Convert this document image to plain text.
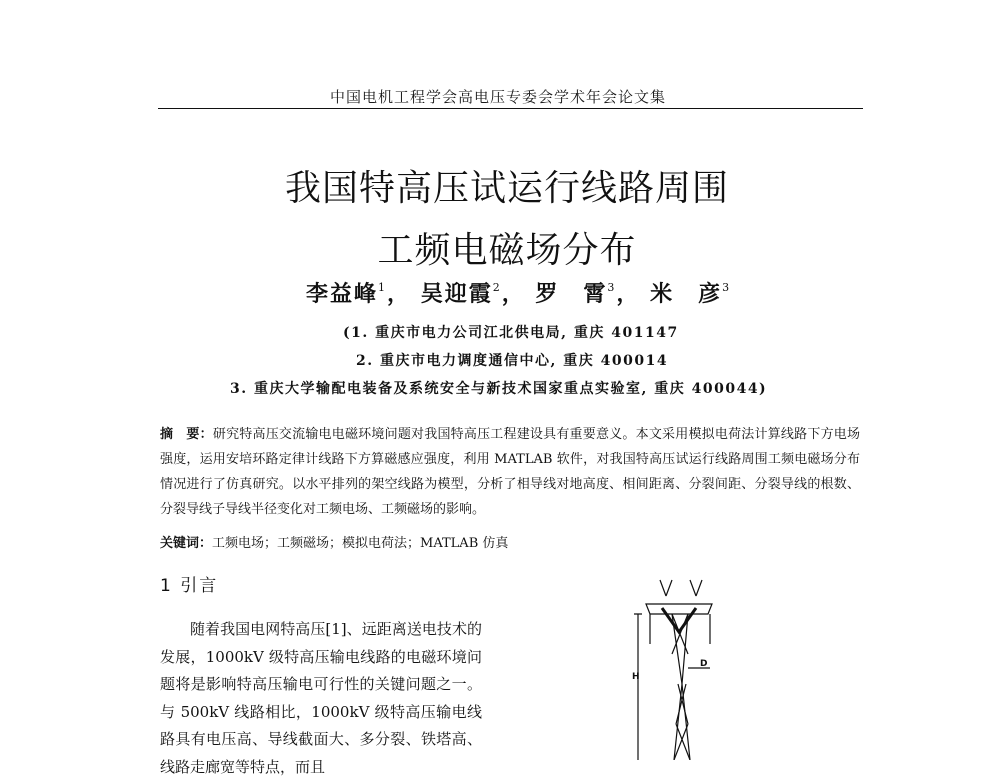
中国电机工程学会高电压专委会学术年会论文集
我国特高压试运行线路周围
工频电磁场分布
李益峰$^1$， 吴迎霞$^2$， 罗　霄$^3$， 米　彦$^3$
(1. 重庆市电力公司江北供电局, 重庆 401147
2. 重庆市电力调度通信中心, 重庆 400014
3. 重庆大学输配电装备及系统安全与新技术国家重点实验室, 重庆 400044)
摘　要：研究特高压交流输电电磁环境问题对我国特高压工程建设具有重要意义。本文采用模拟电荷法计算线路下方电场强度，运用安培环路定律计线路下方算磁感应强度，利用 MATLAB 软件，对我国特高压试运行线路周围工频电磁场分布情况进行了仿真研究。以水平排列的架空线路为模型，分析了相导线对地高度、相间距离、分裂间距、分裂导线的根数、分裂导线子导线半径变化对工频电场、工频磁场的影响。
关键词：工频电场；工频磁场；模拟电荷法；MATLAB 仿真
1 引言
随着我国电网特高压[1]、远距离送电技术的发展，1000kV 级特高压输电线路的电磁环境问题将是影响特高压输电可行性的关键问题之一。与 500kV 线路相比，1000kV 级特高压输电线路具有电压高、导线截面大、多分裂、铁塔高、线路走廊宽等特点，而且
H
D
